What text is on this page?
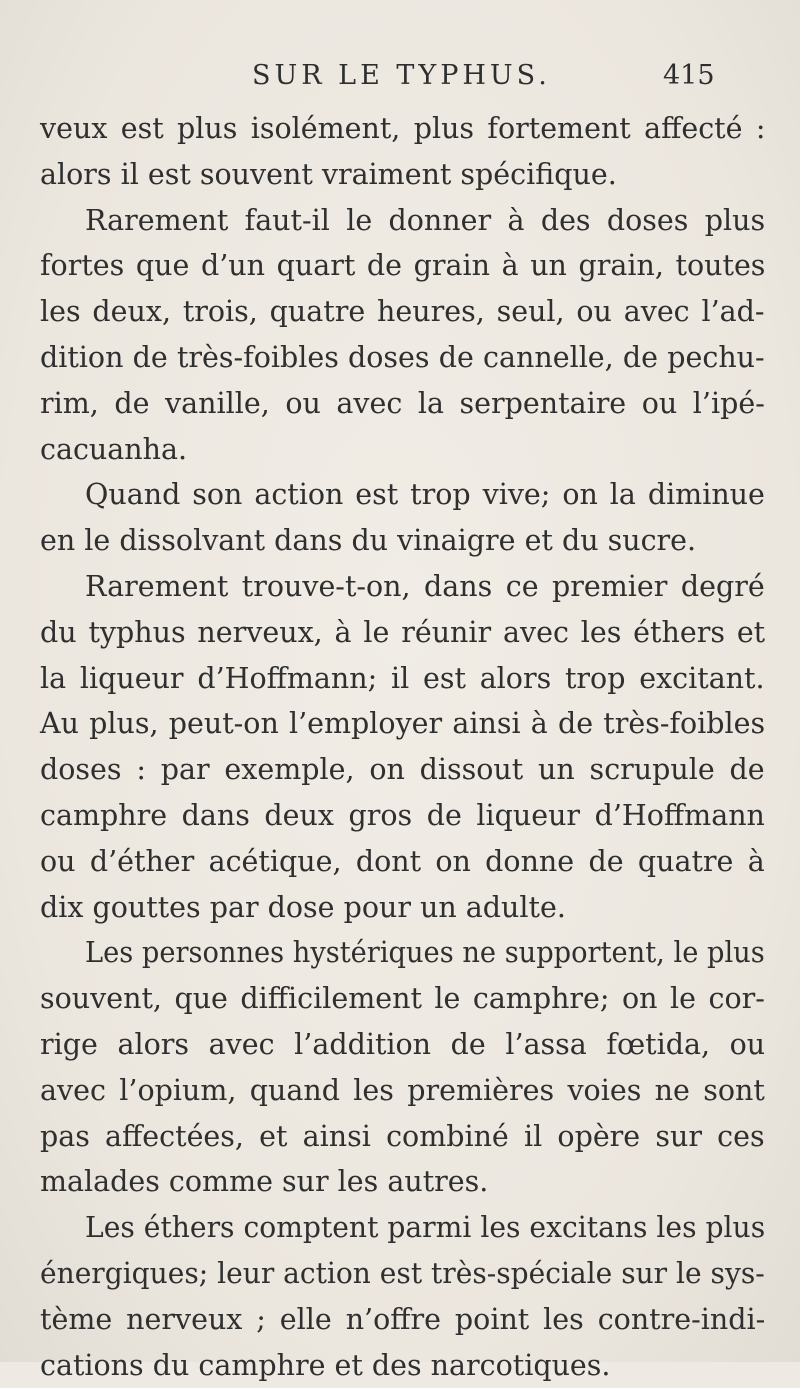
SUR LE TYPHUS.	415
veux est plus isolément, plus fortement affecté :
alors il est souvent vraiment spécifique.
Rarement faut-il le donner à des doses plus
fortes que d’un quart de grain à un grain, toutes
les deux, trois, quatre heures, seul, ou avec l’ad-
dition de très-foibles doses de cannelle, de pechu-
rim, de vanille, ou avec la serpentaire ou l’ipé-
cacuanha.
Quand son action est trop vive; on la diminue
en le dissolvant dans du vinaigre et du sucre.
Rarement trouve-t-on, dans ce premier degré
du typhus nerveux, à le réunir avec les éthers et
la liqueur d’Hoffmann; il est alors trop excitant.
Au plus, peut-on l’employer ainsi à de très-foibles
doses : par exemple, on dissout un scrupule de
camphre dans deux gros de liqueur d’Hoffmann
ou d’éther acétique, dont on donne de quatre à
dix gouttes par dose pour un adulte.
Les personnes hystériques ne supportent, le plus
souvent, que difficilement le camphre; on le cor-
rige alors avec l’addition de l’assa fœtida, ou
avec l’opium, quand les premières voies ne sont
pas affectées, et ainsi combiné il opère sur ces
malades comme sur les autres.
Les éthers comptent parmi les excitans les plus
énergiques; leur action est très-spéciale sur le sys-
tème nerveux ; elle n’offre point les contre-indi-
cations du camphre et des narcotiques.
